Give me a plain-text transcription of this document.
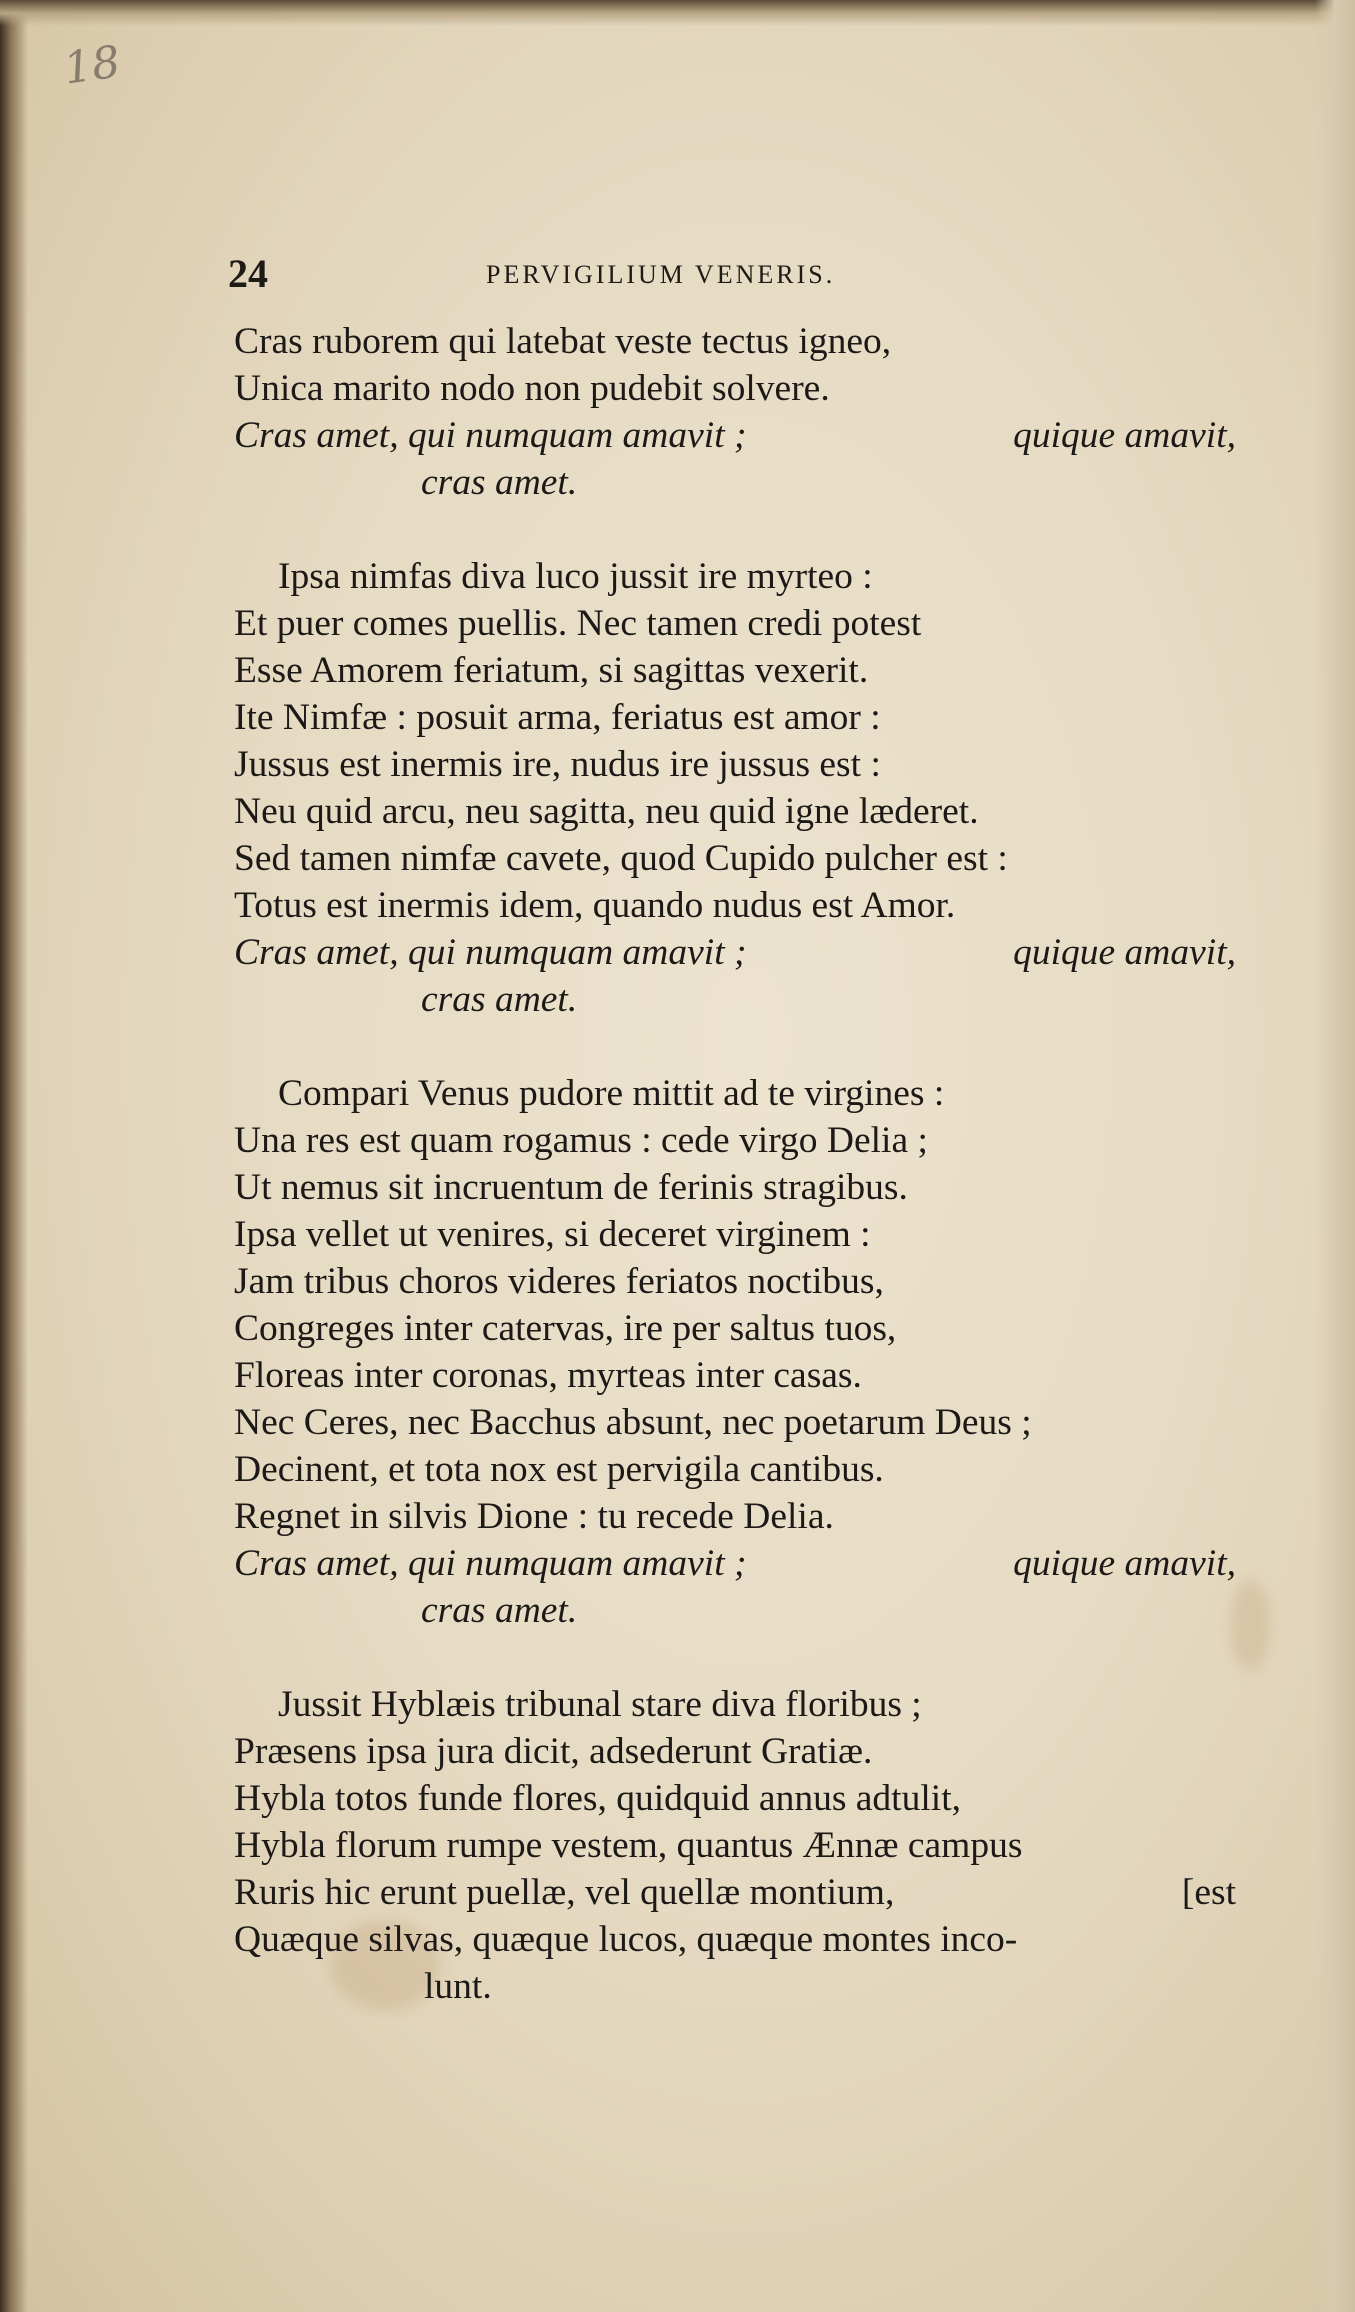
18
24	PERVIGILIUM VENERIS.
Cras ruborem qui latebat veste tectus igneo,
Unica marito nodo non pudebit solvere.
Cras amet, qui numquam amavit ;	quique amavit,
cras amet.
Ipsa nimfas diva luco jussit ire myrteo :
Et puer comes puellis. Nec tamen credi potest
Esse Amorem feriatum, si sagittas vexerit.
Ite Nimfæ : posuit arma, feriatus est amor :
Jussus est inermis ire, nudus ire jussus est :
Neu quid arcu, neu sagitta, neu quid igne læderet.
Sed tamen nimfæ cavete, quod Cupido pulcher est :
Totus est inermis idem, quando nudus est Amor.
Cras amet, qui numquam amavit ;	quique amavit,
cras amet.
Compari Venus pudore mittit ad te virgines :
Una res est quam rogamus : cede virgo Delia ;
Ut nemus sit incruentum de ferinis stragibus.
Ipsa vellet ut venires, si deceret virginem :
Jam tribus choros videres feriatos noctibus,
Congreges inter catervas, ire per saltus tuos,
Floreas inter coronas, myrteas inter casas.
Nec Ceres, nec Bacchus absunt, nec poetarum Deus ;
Decinent, et tota nox est pervigila cantibus.
Regnet in silvis Dione : tu recede Delia.
Cras amet, qui numquam amavit ;	quique amavit,
cras amet.
Jussit Hyblæis tribunal stare diva floribus ;
Præsens ipsa jura dicit, adsederunt Gratiæ.
Hybla totos funde flores, quidquid annus adtulit,
Hybla florum rumpe vestem, quantus Ænnæ campus
Ruris hic erunt puellæ, vel quellæ montium,	[est
Quæque silvas, quæque lucos, quæque montes inco-
lunt.
